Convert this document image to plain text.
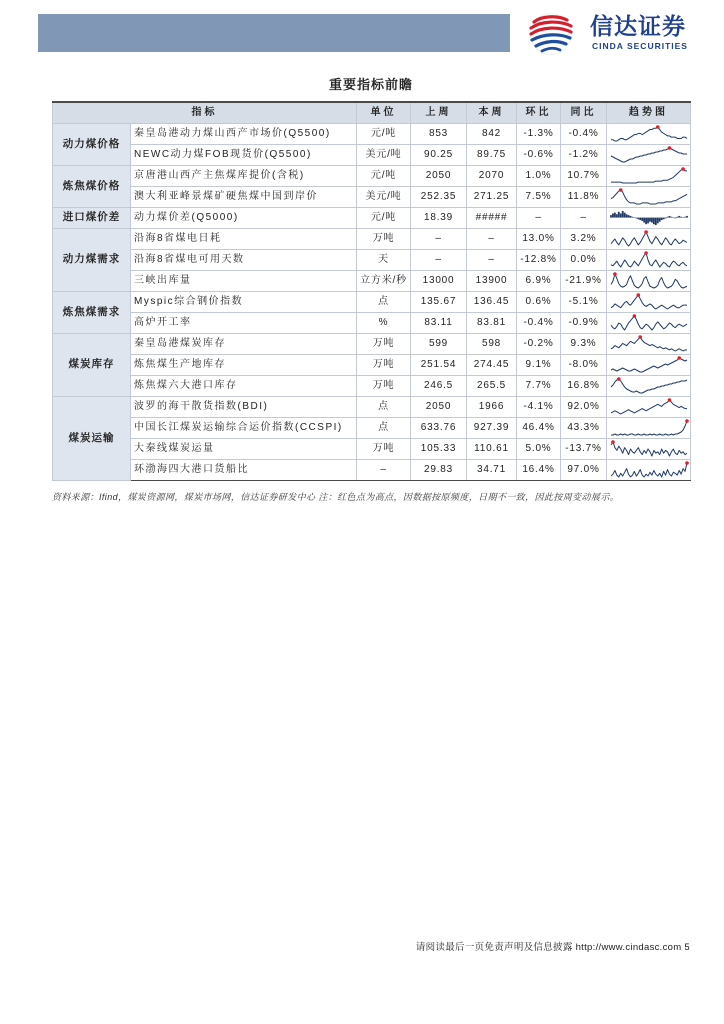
信达证券
CINDA SECURITIES
重要指标前瞻
指标		单位	上周	本周	环比	同比	趋势图
动力煤价格	秦皇岛港动力煤山西产市场价(Q5500)	元/吨	853	842	-1.3%	-0.4%	

	NEWC动力煤FOB现货价(Q5500)	美元/吨	90.25	89.75	-0.6%	-1.2%	

炼焦煤价格	京唐港山西产主焦煤库提价(含税)	元/吨	2050	2070	1.0%	10.7%	

	澳大利亚峰景煤矿硬焦煤中国到岸价	美元/吨	252.35	271.25	7.5%	11.8%	

进口煤价差	动力煤价差(Q5000)	元/吨	18.39	#####	–	–	

动力煤需求	沿海8省煤电日耗	万吨	–	–	13.0%	3.2%	

	沿海8省煤电可用天数	天	–	–	-12.8%	0.0%	

	三峡出库量	立方米/秒	13000	13900	6.9%	-21.9%	

炼焦煤需求	Myspic综合钢价指数	点	135.67	136.45	0.6%	-5.1%	

	高炉开工率	%	83.11	83.81	-0.4%	-0.9%	

煤炭库存	秦皇岛港煤炭库存	万吨	599	598	-0.2%	9.3%	

	炼焦煤生产地库存	万吨	251.54	274.45	9.1%	-8.0%	

	炼焦煤六大港口库存	万吨	246.5	265.5	7.7%	16.8%	

煤炭运输	波罗的海干散货指数(BDI)	点	2050	1966	-4.1%	92.0%	

	中国长江煤炭运输综合运价指数(CCSPI)	点	633.76	927.39	46.4%	43.3%	

	大秦线煤炭运量	万吨	105.33	110.61	5.0%	-13.7%	

	环渤海四大港口货船比	–	29.83	34.71	16.4%	97.0%	
资料来源：Ifind，煤炭资源网，煤炭市场网，信达证券研发中心 注：红色点为高点，因数据按原频度，日期不一致，因此按周变动展示。
请阅读最后一页免责声明及信息披露 http://www.cindasc.com 5
